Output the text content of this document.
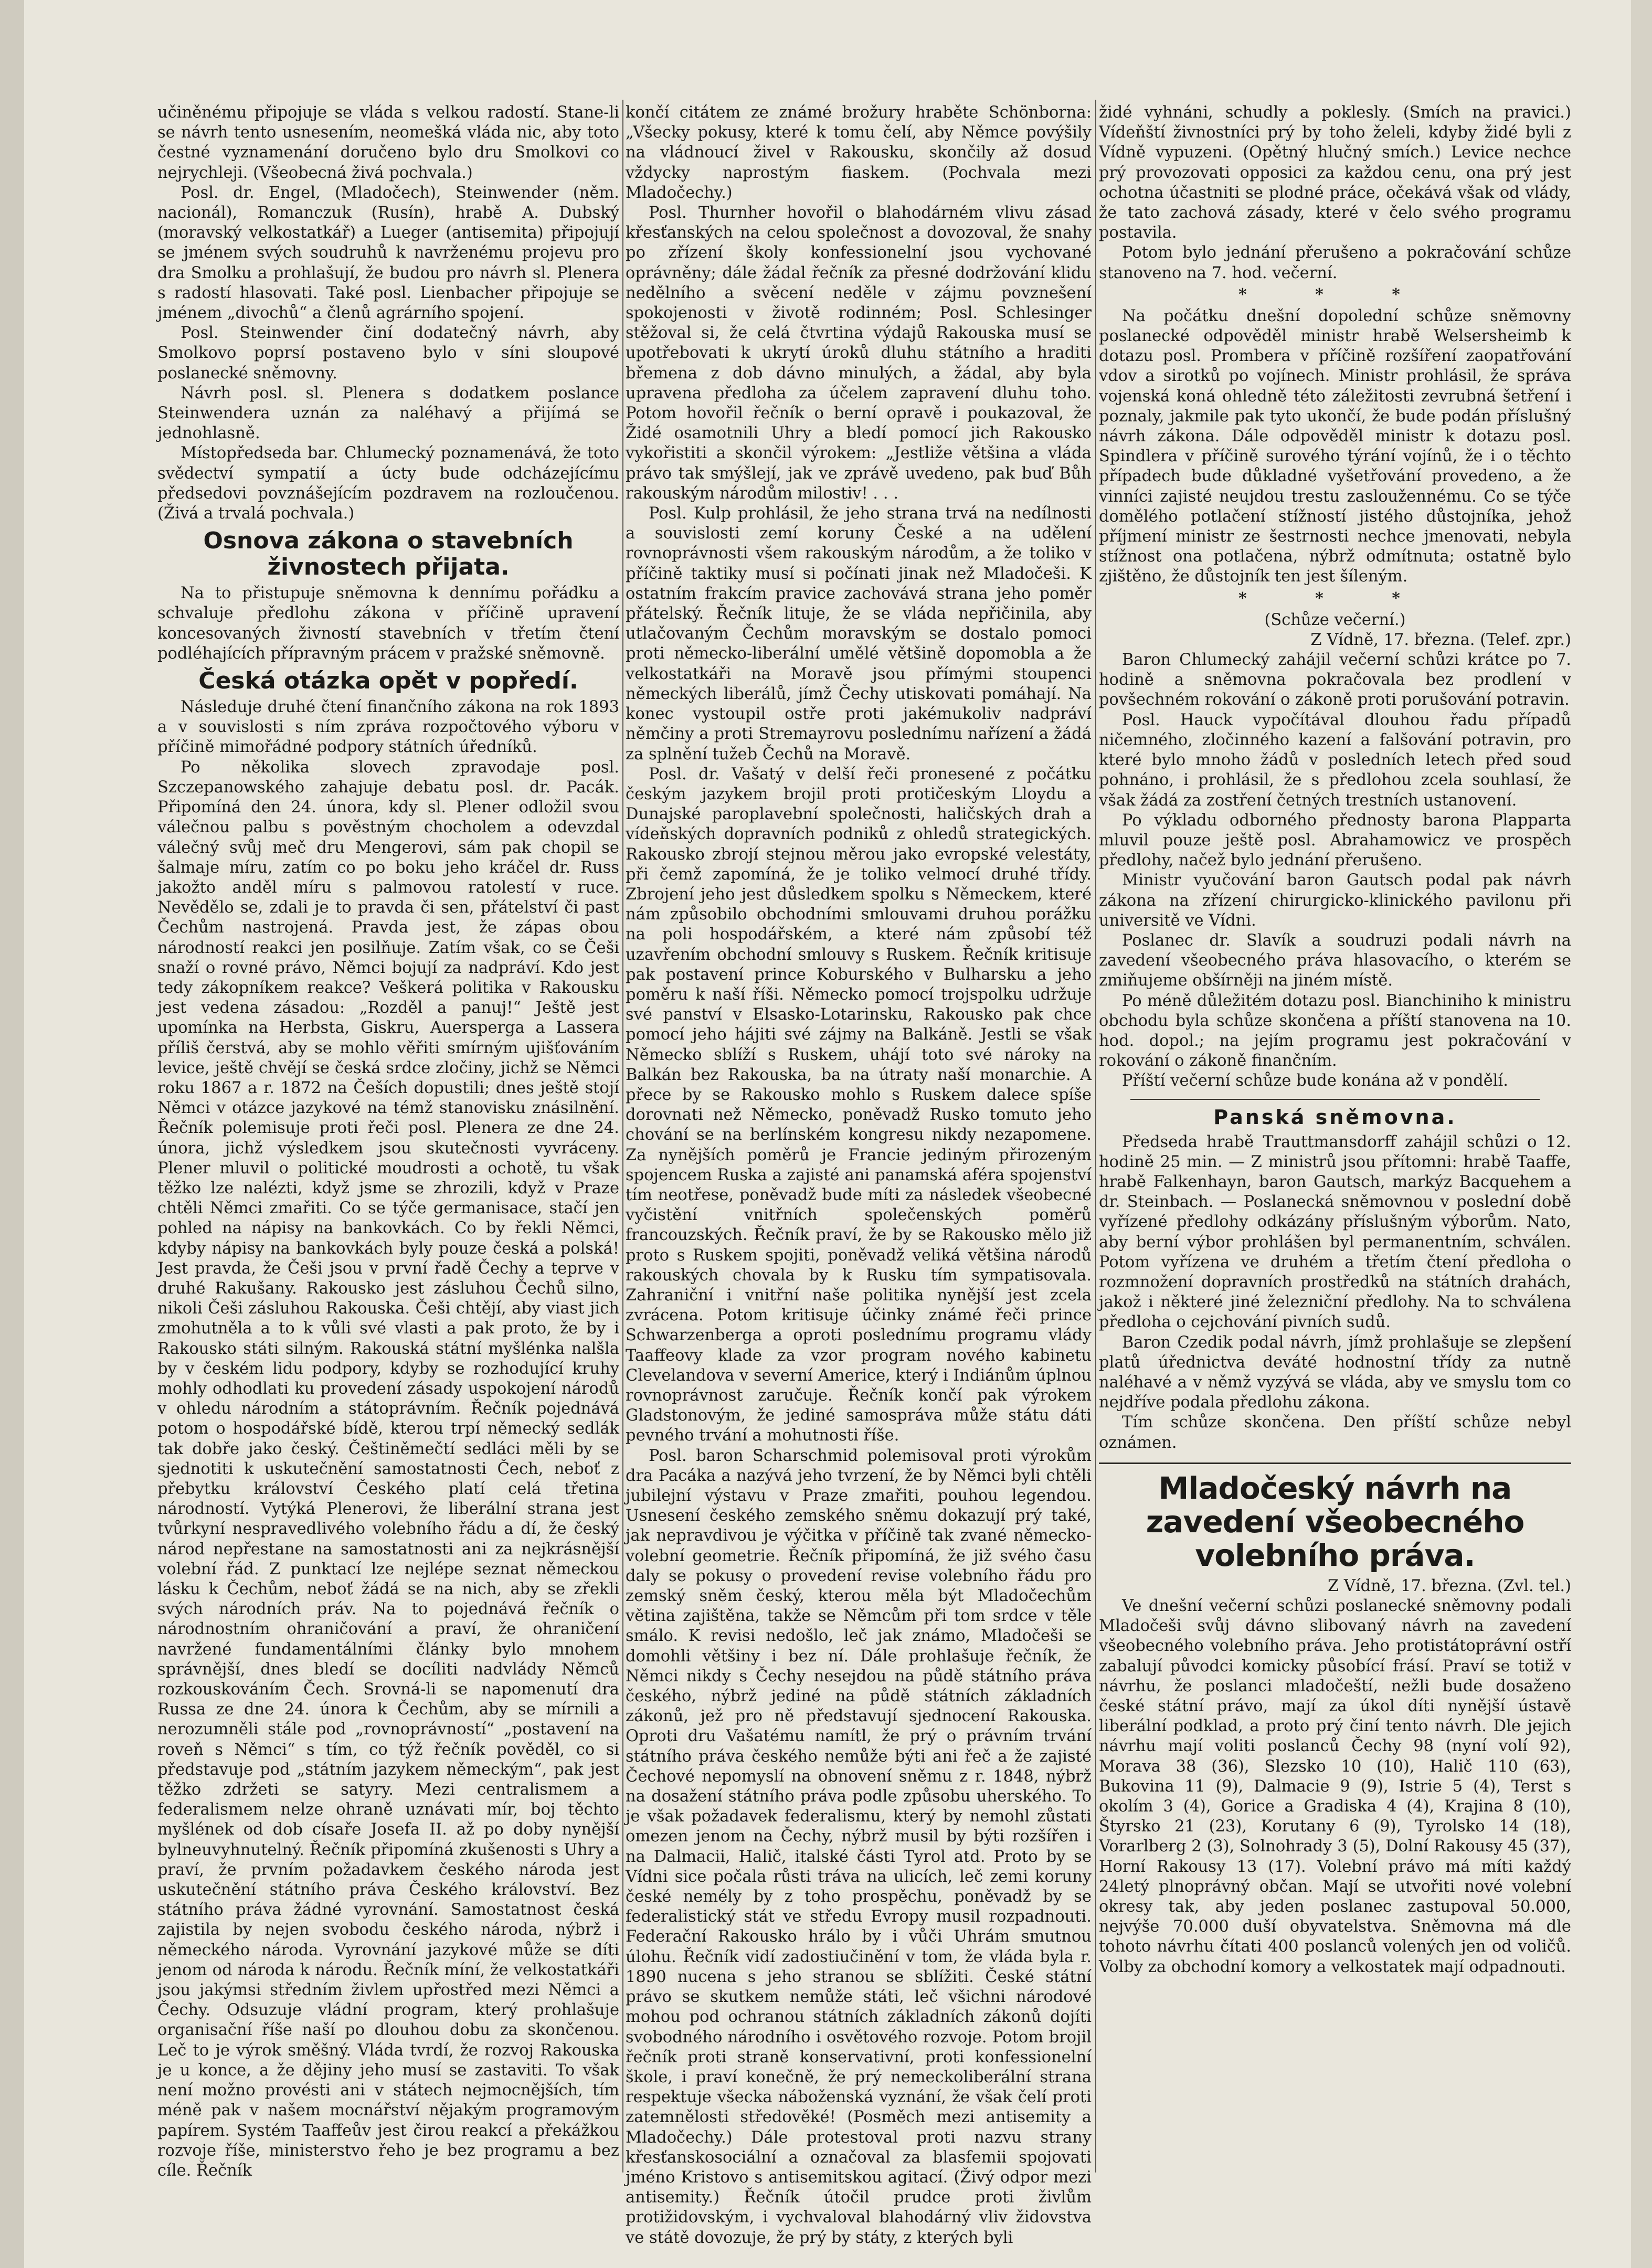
učiněnému připojuje se vláda s velkou radostí. Stane-li se návrh tento usnesením, neomešká vláda nic, aby toto čestné vyznamenání doručeno bylo dru Smolkovi co nejrychleji. (Všeobecná živá pochvala.)

Posl. dr. Engel, (Mladočech), Steinwender (něm. nacionál), Romanczuk (Rusín), hrabě A. Dubský (moravský velkostatkář) a Lueger (antisemita) připojují se jménem svých soudruhů k navrženému projevu pro dra Smolku a prohlašují, že budou pro návrh sl. Plenera s radostí hlasovati. Také posl. Lienbacher připojuje se jménem „divochů“ a členů agrárního spojení.

Posl. Steinwender činí dodatečný návrh, aby Smolkovo poprsí postaveno bylo v síni sloupové poslanecké sněmovny.

Návrh posl. sl. Plenera s dodatkem poslance Steinwendera uznán za naléhavý a přijímá se jednohlasně.

Místopředseda bar. Chlumecký poznamenává, že toto svědectví sympatií a úcty bude odcházejícímu předsedovi povznášejícím pozdravem na rozloučenou. (Živá a trvalá pochvala.)

Osnova zákona o stavebních živnostech přijata.

Na to přistupuje sněmovna k dennímu pořádku a schvaluje předlohu zákona v příčině upravení koncesovaných živností stavebních v třetím čtení podléhajících přípravným prácem v pražské sněmovně.

Česká otázka opět v popředí.

Následuje druhé čtení finančního zákona na rok 1893 a v souvislosti s ním zpráva rozpočtového výboru v příčině mimořádné podpory státních úředníků.

Po několika slovech zpravodaje posl. Szczepanowského zahajuje debatu posl. dr. Pacák. Připomíná den 24. února, kdy sl. Plener odložil svou válečnou palbu s pověstným chocholem a odevzdal válečný svůj meč dru Mengerovi, sám pak chopil se šalmaje míru, zatím co po boku jeho kráčel dr. Russ jakožto anděl míru s palmovou ratolestí v ruce. Nevědělo se, zdali je to pravda či sen, přátelství či past Čechům nastrojená. Pravda jest, že zápas obou národností reakci jen posilňuje. Zatím však, co se Češi snaží o rovné právo, Němci bojují za nadpráví. Kdo jest tedy zákopníkem reakce? Veškerá politika v Rakousku jest vedena zásadou: „Rozděl a panuj!“ Ještě jest upomínka na Herbsta, Giskru, Auersperga a Lassera příliš čerstvá, aby se mohlo věřiti smírným ujišťováním levice, ještě chvějí se česká srdce zločiny, jichž se Němci roku 1867 a r. 1872 na Češích dopustili; dnes ještě stojí Němci v otázce jazykové na témž stanovisku znásilnění. Řečník polemisuje proti řeči posl. Plenera ze dne 24. února, jichž výsledkem jsou skutečnosti vyvráceny. Plener mluvil o politické moudrosti a ochotě, tu však těžko lze nalézti, když jsme se zhrozili, když v Praze chtěli Němci zmařiti. Co se týče germanisace, stačí jen pohled na nápisy na bankovkách. Co by řekli Němci, kdyby nápisy na bankovkách byly pouze česká a polská! Jest pravda, že Češi jsou v první řadě Čechy a teprve v druhé Rakušany. Rakousko jest zásluhou Čechů silno, nikoli Češi zásluhou Rakouska. Češi chtějí, aby viast jich zmohutněla a to k vůli své vlasti a pak proto, že by i Rakousko státi silným. Rakouská státní myšlénka nalšla by v českém lidu podpory, kdyby se rozhodující kruhy mohly odhodlati ku provedení zásady uspokojení národů v ohledu národním a státoprávním. Řečník pojednává potom o hospodářské bídě, kterou trpí německý sedlák tak dobře jako český. Češtiněmečtí sedláci měli by se sjednotiti k uskutečnění samostatnosti Čech, neboť z přebytku království Českého platí celá třetina národností. Vytýká Plenerovi, že liberální strana jest tvůrkyní nespravedlivého volebního řádu a dí, že český národ nepřestane na samostatnosti ani za nejkrásnější volební řád. Z punktací lze nejlépe seznat německou lásku k Čechům, neboť žádá se na nich, aby se zřekli svých národních práv. Na to pojednává řečník o národnostním ohraničování a praví, že ohraničení navržené fundamentálními články bylo mnohem správnější, dnes bledí se docíliti nadvlády Němců rozkouskováním Čech. Srovná-li se napomenutí dra Russa ze dne 24. února k Čechům, aby se mírnili a nerozumněli stále pod „rovnoprávností“ „postavení na roveň s Němci“ s tím, co týž řečník pověděl, co si představuje pod „státním jazykem německým“, pak jest těžko zdržeti se satyry. Mezi centralismem a federalismem nelze ohraně uznávati mír, boj těchto myšlének od dob císaře Josefa II. až po doby nynější bylneuvyhnutelný. Řečník připomíná zkušenosti s Uhry a praví, že prvním požadavkem českého národa jest uskutečnění státního práva Českého království. Bez státního práva žádné vyrovnání. Samostatnost česká zajistila by nejen svobodu českého národa, nýbrž i německého národa. Vyrovnání jazykové může se díti jenom od národa k národu. Řečník míní, že velkostatkáři jsou jakýmsi středním živlem upřostřed mezi Němci a Čechy. Odsuzuje vládní program, který prohlašuje organisační říše naší po dlouhou dobu za skončenou. Leč to je výrok směšný. Vláda tvrdí, že rozvoj Rakouska je u konce, a že dějiny jeho musí se zastaviti. To však není možno provésti ani v státech nejmocnějších, tím méně pak v našem mocnářství nějakým programovým papírem. Systém Taaffeův jest čirou reakcí a překážkou rozvoje říše, ministerstvo řeho je bez programu a bez cíle. Řečník

končí citátem ze známé brožury hraběte Schönborna: „Všecky pokusy, které k tomu čelí, aby Němce povýšily na vládnoucí živel v Rakousku, skončily až dosud vždycky naprostým fiaskem. (Pochvala mezi Mladočechy.)

Posl. Thurnher hovořil o blahodárném vlivu zásad křesťanských na celou společnost a dovozoval, že snahy po zřízení školy konfessionelní jsou vychované oprávněny; dále žádal řečník za přesné dodržování klidu nedělního a svěcení neděle v zájmu povznešení spokojenosti v životě rodinném; Posl. Schlesinger stěžoval si, že celá čtvrtina výdajů Rakouska musí se upotřebovati k ukrytí úroků dluhu státního a hraditi břemena z dob dávno minulých, a žádal, aby byla upravena předloha za účelem zapravení dluhu toho. Potom hovořil řečník o berní opravě i poukazoval, že Židé osamotnili Uhry a bledí pomocí jich Rakousko vykořistiti a skončil výrokem: „Jestliže většina a vláda právo tak smýšlejí, jak ve zprávě uvedeno, pak buď Bůh rakouským národům milostiv! . . .

Posl. Kulp prohlásil, že jeho strana trvá na nedílnosti a souvislosti zemí koruny České a na udělení rovnoprávnosti všem rakouským národům, a že toliko v příčině taktiky musí si počínati jinak než Mladočeši. K ostatním frakcím pravice zachovává strana jeho poměr přátelský. Řečník lituje, že se vláda nepřičinila, aby utlačovaným Čechům moravským se dostalo pomoci proti německo-liberální umělé většině dopomobla a že velkostatkáři na Moravě jsou přímými stoupenci německých liberálů, jímž Čechy utiskovati pomáhají. Na konec vystoupil ostře proti jakémukoliv nadpráví němčiny a proti Stremayrovu poslednímu nařízení a žádá za splnění tužeb Čechů na Moravě.

Posl. dr. Vašatý v delší řeči pronesené z počátku českým jazykem brojil proti protičeským Lloydu a Dunajské paroplavební společnosti, haličských drah a vídeňských dopravních podniků z ohledů strategických. Rakousko zbrojí stejnou měrou jako evropské velestáty, při čemž zapomíná, že je toliko velmocí druhé třídy. Zbrojení jeho jest důsledkem spolku s Německem, které nám způsobilo obchodními smlouvami druhou porážku na poli hospodářském, a které nám způsobí též uzavřením obchodní smlouvy s Ruskem. Řečník kritisuje pak postavení prince Koburského v Bulharsku a jeho poměru k naší říši. Německo pomocí trojspolku udržuje své panství v Elsasko-Lotarinsku, Rakousko pak chce pomocí jeho hájiti své zájmy na Balkáně. Jestli se však Německo sblíží s Ruskem, uhájí toto své nároky na Balkán bez Rakouska, ba na útraty naší monarchie. A přece by se Rakousko mohlo s Ruskem dalece spíše dorovnati než Německo, poněvadž Rusko tomuto jeho chování se na berlínském kongresu nikdy nezapomene. Za nynějších poměrů je Francie jediným přirozeným spojencem Ruska a zajisté ani panamská aféra spojenství tím neotřese, poněvadž bude míti za následek všeobecné vyčistění vnitřních společenských poměrů francouzských. Řečník praví, že by se Rakousko mělo již proto s Ruskem spojiti, poněvadž veliká většina národů rakouských chovala by k Rusku tím sympatisovala. Zahraniční i vnitřní naše politika nynější jest zcela zvrácena. Potom kritisuje účinky známé řeči prince Schwarzenberga a oproti poslednímu programu vlády Taaffeovy klade za vzor program nového kabinetu Clevelandova v severní Americe, který i Indiánům úplnou rovnoprávnost zaručuje. Řečník končí pak výrokem Gladstonovým, že jediné samospráva může státu dáti pevného trvání a mohutnosti říše.

Posl. baron Scharschmid polemisoval proti výrokům dra Pacáka a nazývá jeho tvrzení, že by Němci byli chtěli jubilejní výstavu v Praze zmařiti, pouhou legendou. Usnesení českého zemského sněmu dokazují prý také, jak nepravdivou je výčitka v příčině tak zvané německo-volební geometrie. Řečník připomíná, že již svého času daly se pokusy o provedení revise volebního řádu pro zemský sněm český, kterou měla být Mladočechům větina zajištěna, takže se Němcům při tom srdce v těle smálo. K revisi nedošlo, leč jak známo, Mladočeši se domohli většiny i bez ní. Dále prohlašuje řečník, že Němci nikdy s Čechy nesejdou na půdě státního práva českého, nýbrž jediné na půdě státních základních zákonů, jež pro ně představují sjednocení Rakouska. Oproti dru Vašatému namítl, že prý o právním trvání státního práva českého nemůže býti ani řeč a že zajisté Čechové nepomyslí na obnovení sněmu z r. 1848, nýbrž na dosažení státního práva podle způsobu uherského. To je však požadavek federalismu, který by nemohl zůstati omezen jenom na Čechy, nýbrž musil by býti rozšířen i na Dalmacii, Halič, italské části Tyrol atd. Proto by se Vídni sice počala růsti tráva na ulicích, leč zemi koruny české nemély by z toho prospěchu, poněvadž by se federalistický stát ve středu Evropy musil rozpadnouti. Federační Rakousko hrálo by i vůči Uhrám smutnou úlohu. Řečník vidí zadostiučinění v tom, že vláda byla r. 1890 nucena s jeho stranou se sblížiti. České státní právo se skutkem nemůže státi, leč všichni národové mohou pod ochranou státních základních zákonů dojíti svobodného národního i osvětového rozvoje. Potom brojil řečník proti straně konservativní, proti konfessionelní škole, i praví konečně, že prý nemeckoliberální strana respektuje všecka náboženská vyznání, že však čelí proti zatemnělosti středověké! (Posměch mezi antisemity a Mladočechy.) Dále protestoval proti nazvu strany křesťanskosociální a označoval za blasfemii spojovati jméno Kristovo s antisemitskou agitací. (Živý odpor mezi antisemity.) Řečník útočil prudce proti živlům protižidovským, i vychvaloval blahodárný vliv židovstva ve státě dovozuje, že prý by státy, z kterých byli

židé vyhnáni, schudly a poklesly. (Smích na pravici.) Vídeňští živnostníci prý by toho želeli, kdyby židé byli z Vídně vypuzeni. (Opětný hlučný smích.) Levice nechce prý provozovati opposici za každou cenu, ona prý jest ochotna účastniti se plodné práce, očekává však od vlády, že tato zachová zásady, které v čelo svého programu postavila.

Potom bylo jednání přerušeno a pokračování schůze stanoveno na 7. hod. večerní.

* * *

Na počátku dnešní dopolední schůze sněmovny poslanecké odpověděl ministr hrabě Welsersheimb k dotazu posl. Prombera v příčině rozšíření zaopatřování vdov a sirotků po vojínech. Ministr prohlásil, že správa vojenská koná ohledně této záležitosti zevrubná šetření i poznaly, jakmile pak tyto ukončí, že bude podán příslušný návrh zákona. Dále odpověděl ministr k dotazu posl. Spindlera v příčině surového týrání vojínů, že i o těchto případech bude důkladné vyšetřování provedeno, a že vinníci zajisté neujdou trestu zasloužennému. Co se týče domělého potlačení stížností jistého důstojníka, jehož příjmení ministr ze šestrnosti nechce jmenovati, nebyla stížnost ona potlačena, nýbrž odmítnuta; ostatně bylo zjištěno, že důstojník ten jest šíleným.

* * *

(Schůze večerní.)

Z Vídně, 17. března. (Telef. zpr.)

Baron Chlumecký zahájil večerní schůzi krátce po 7. hodině a sněmovna pokračovala bez prodlení v povšechném rokování o zákoně proti porušování potravin.

Posl. Hauck vypočítával dlouhou řadu případů ničemného, zločinného kazení a falšování potravin, pro které bylo mnoho žádů v posledních letech před soud pohnáno, i prohlásil, že s předlohou zcela souhlasí, že však žádá za zostření četných trestních ustanovení.

Po výkladu odborného přednosty barona Plapparta mluvil pouze ještě posl. Abrahamowicz ve prospěch předlohy, načež bylo jednání přerušeno.

Ministr vyučování baron Gautsch podal pak návrh zákona na zřízení chirurgicko-klinického pavilonu při universitě ve Vídni.

Poslanec dr. Slavík a soudruzi podali návrh na zavedení všeobecného práva hlasovacího, o kterém se zmiňujeme obšírněji na jiném místě.

Po méně důležitém dotazu posl. Bianchiniho k ministru obchodu byla schůze skončena a příští stanovena na 10. hod. dopol.; na jejím programu jest pokračování v rokování o zákoně finančním.

Příští večerní schůze bude konána až v pondělí.

Panská sněmovna.

Předseda hrabě Trauttmansdorff zahájil schůzi o 12. hodině 25 min. — Z ministrů jsou přítomni: hrabě Taaffe, hrabě Falkenhayn, baron Gautsch, markýz Bacquehem a dr. Steinbach. — Poslanecká sněmovnou v poslední době vyřízené předlohy odkázány příslušným výborům. Nato, aby berní výbor prohlášen byl permanentním, schválen. Potom vyřízena ve druhém a třetím čtení předloha o rozmnožení dopravních prostředků na státních drahách, jakož i některé jiné železniční předlohy. Na to schválena předloha o cejchování pivních sudů.

Baron Czedik podal návrh, jímž prohlašuje se zlepšení platů úřednictva deváté hodnostní třídy za nutně naléhavé a v němž vyzývá se vláda, aby ve smyslu tom co nejdříve podala předlohu zákona.

Tím schůze skončena. Den příští schůze nebyl oznámen.

Mladočeský návrh na zavedení všeobecného volebního práva.

Z Vídně, 17. března. (Zvl. tel.)

Ve dnešní večerní schůzi poslanecké sněmovny podali Mladočeši svůj dávno slibovaný návrh na zavedení všeobecného volebního práva. Jeho protistátoprávní ostří zabalují původci komicky působící frásí. Praví se totiž v návrhu, že poslanci mladočeští, nežli bude dosaženo české státní právo, mají za úkol díti nynější ústavě liberální podklad, a proto prý činí tento návrh. Dle jejich návrhu mají voliti poslanců Čechy 98 (nyní volí 92), Morava 38 (36), Slezsko 10 (10), Halič 110 (63), Bukovina 11 (9), Dalmacie 9 (9), Istrie 5 (4), Terst s okolím 3 (4), Gorice a Gradiska 4 (4), Krajina 8 (10), Štyrsko 21 (23), Korutany 6 (9), Tyrolsko 14 (18), Vorarlberg 2 (3), Solnohrady 3 (5), Dolní Rakousy 45 (37), Horní Rakousy 13 (17). Volební právo má míti každý 24letý plnoprávný občan. Mají se utvořiti nové volební okresy tak, aby jeden poslanec zastupoval 50.000, nejvýše 70.000 duší obyvatelstva. Sněmovna má dle tohoto návrhu čítati 400 poslanců volených jen od voličů. Volby za obchodní komory a velkostatek mají odpadnouti.
